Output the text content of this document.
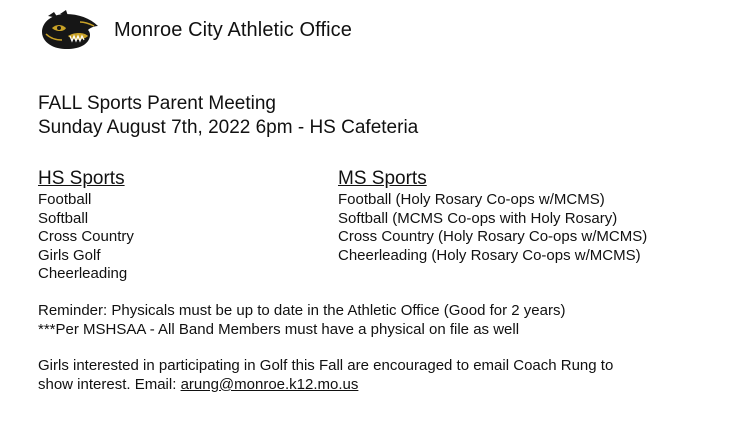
Monroe City Athletic Office
FALL Sports Parent Meeting
Sunday August 7th, 2022 6pm - HS Cafeteria
HS Sports
Football
Softball
Cross Country
Girls Golf
Cheerleading
MS Sports
Football (Holy Rosary Co-ops w/MCMS)
Softball (MCMS Co-ops with Holy Rosary)
Cross Country (Holy Rosary Co-ops w/MCMS)
Cheerleading (Holy Rosary Co-ops w/MCMS)
Reminder: Physicals must be up to date in the Athletic Office (Good for 2 years)
***Per MSHSAA - All Band Members must have a physical on file as well
Girls interested in participating in Golf this Fall are encouraged to email Coach Rung to
show interest. Email: arung@monroe.k12.mo.us
